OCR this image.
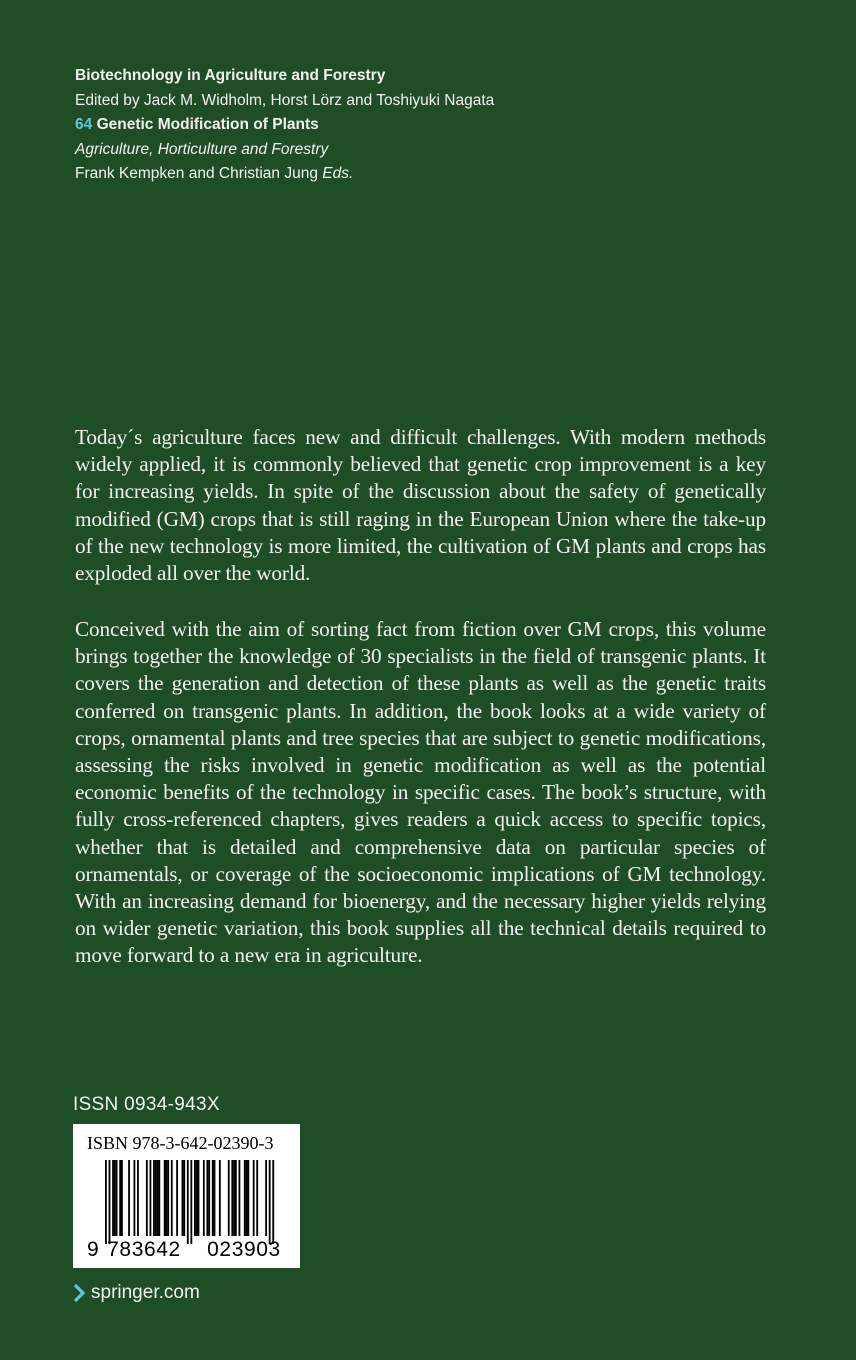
Biotechnology in Agriculture and Forestry
Edited by Jack M. Widholm, Horst Lörz and Toshiyuki Nagata
64 Genetic Modification of Plants
Agriculture, Horticulture and Forestry
Frank Kempken and Christian Jung Eds.

Today´s agriculture faces new and difficult challenges. With modern methods widely applied, it is commonly believed that genetic crop improvement is a key for increasing yields. In spite of the discussion about the safety of genetically modified (GM) crops that is still raging in the European Union where the take-up of the new technology is more limited, the cultivation of GM plants and crops has exploded all over the world.

Conceived with the aim of sorting fact from fiction over GM crops, this volume brings together the knowledge of 30 specialists in the field of transgenic plants. It covers the generation and detection of these plants as well as the genetic traits conferred on transgenic plants. In addition, the book looks at a wide variety of crops, ornamental plants and tree species that are subject to genetic modifications, assessing the risks involved in genetic modification as well as the potential economic benefits of the technology in specific cases. The book’s structure, with fully cross-referenced chapters, gives readers a quick access to specific topics, whether that is detailed and comprehensive data on particular species of ornamentals, or coverage of the socioeconomic implications of GM technology. With an increasing demand for bioenergy, and the necessary higher yields relying on wider genetic variation, this book supplies all the technical details required to move forward to a new era in agriculture.

ISSN 0934-943X
ISBN 978-3-642-02390-3
9 783642 023903
springer.com
